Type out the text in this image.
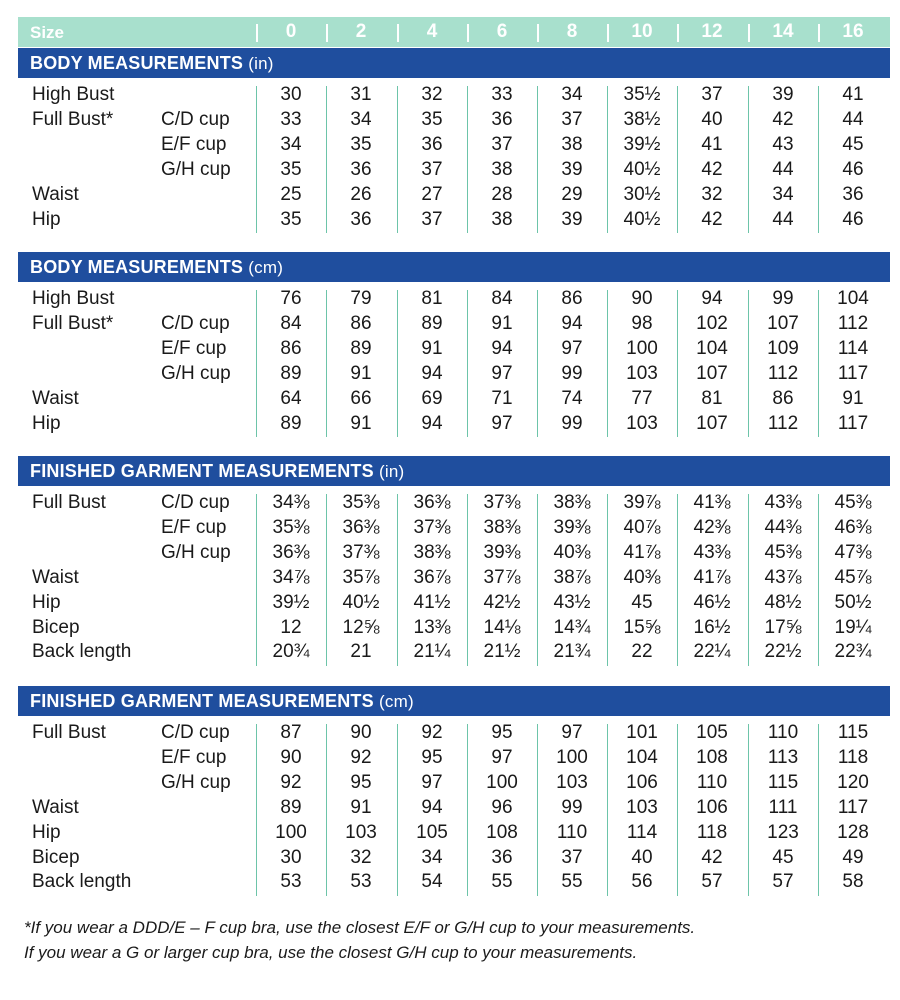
Size	0	2	4	6	8	10	12	14	16
BODY MEASUREMENTS (in)
High Bust	30	31	32	33	34	35½	37	39	41
Full Bust*	C/D cup	33	34	35	36	37	38½	40	42	44
E/F cup	34	35	36	37	38	39½	41	43	45
G/H cup	35	36	37	38	39	40½	42	44	46
Waist	25	26	27	28	29	30½	32	34	36
Hip	35	36	37	38	39	40½	42	44	46
BODY MEASUREMENTS (cm)
High Bust	76	79	81	84	86	90	94	99	104
Full Bust*	C/D cup	84	86	89	91	94	98	102	107	112
E/F cup	86	89	91	94	97	100	104	109	114
G/H cup	89	91	94	97	99	103	107	112	117
Waist	64	66	69	71	74	77	81	86	91
Hip	89	91	94	97	99	103	107	112	117
FINISHED GARMENT MEASUREMENTS (in)
Full Bust	C/D cup	34⅜	35⅜	36⅜	37⅜	38⅜	39⅞	41⅜	43⅜	45⅜
E/F cup	35⅜	36⅜	37⅜	38⅜	39⅜	40⅞	42⅜	44⅜	46⅜
G/H cup	36⅜	37⅜	38⅜	39⅜	40⅜	41⅞	43⅜	45⅜	47⅜
Waist	34⅞	35⅞	36⅞	37⅞	38⅞	40⅜	41⅞	43⅞	45⅞
Hip	39½	40½	41½	42½	43½	45	46½	48½	50½
Bicep	12	12⅝	13⅜	14⅛	14¾	15⅝	16½	17⅝	19¼
Back length	20¾	21	21¼	21½	21¾	22	22¼	22½	22¾
FINISHED GARMENT MEASUREMENTS (cm)
Full Bust	C/D cup	87	90	92	95	97	101	105	110	115
E/F cup	90	92	95	97	100	104	108	113	118
G/H cup	92	95	97	100	103	106	110	115	120
Waist	89	91	94	96	99	103	106	111	117
Hip	100	103	105	108	110	114	118	123	128
Bicep	30	32	34	36	37	40	42	45	49
Back length	53	53	54	55	55	56	57	57	58
*If you wear a DDD/E – F cup bra, use the closest E/F or G/H cup to your measurements.
If you wear a G or larger cup bra, use the closest G/H cup to your measurements.
